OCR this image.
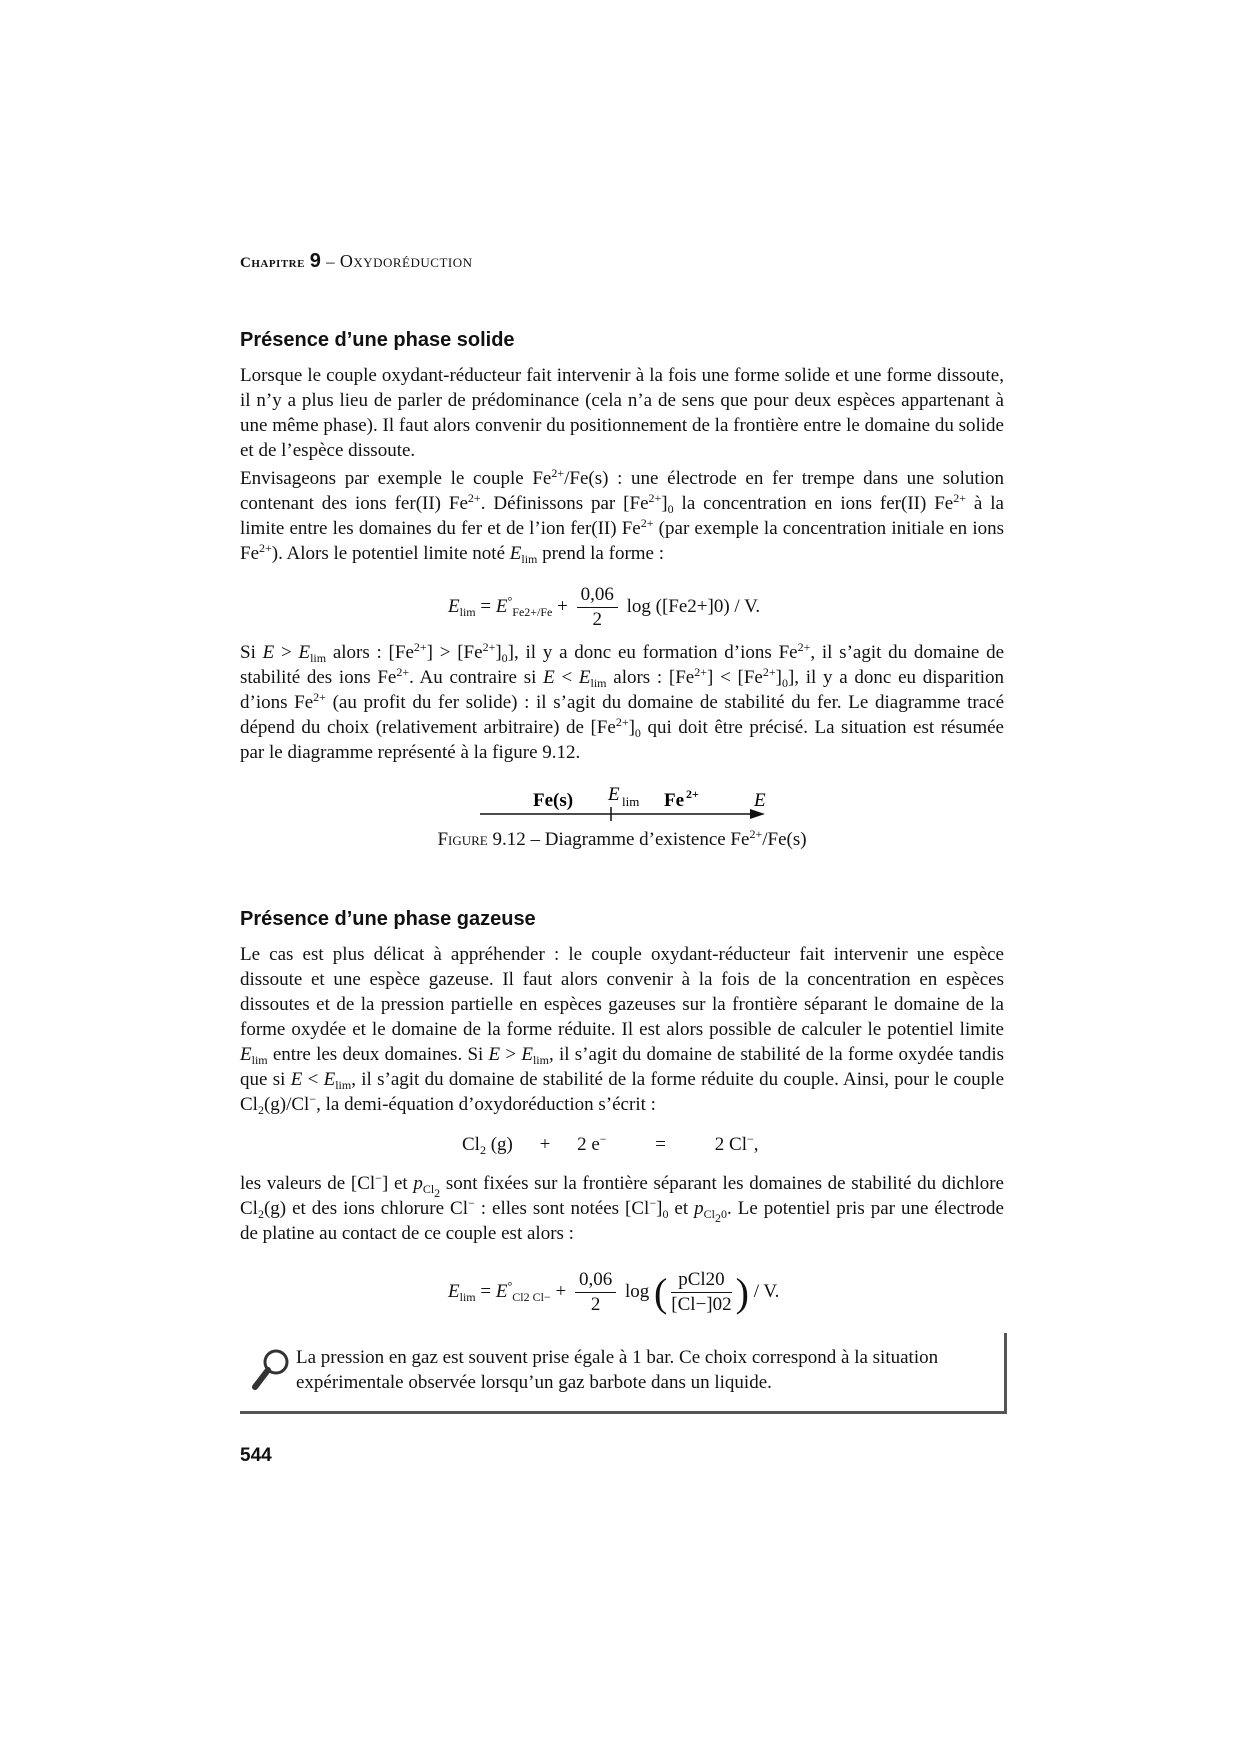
Chapitre 9 – Oxydoréduction
Présence d’une phase solide

Lorsque le couple oxydant-réducteur fait intervenir à la fois une forme solide et une forme dissoute, il n’y a plus lieu de parler de prédominance (cela n’a de sens que pour deux espèces appartenant à une même phase). Il faut alors convenir du positionnement de la frontière entre le domaine du solide et de l’espèce dissoute.

Envisageons par exemple le couple $Fe^{2+}/Fe(s)$ : une électrode en fer trempe dans une solution contenant des ions fer(II) $Fe^{2+}$. Définissons par $[Fe^{2+}]_0$ la concentration en ions fer(II) $Fe^{2+}$ à la limite entre les domaines du fer et de l’ion fer(II) $Fe^{2+}$ (par exemple la concentration initiale en ions $Fe^{2+}$). Alors le potentiel limite noté $E_{lim}$ prend la forme :

$E_{lim} = E^\circ_{Fe2+/Fe} + \frac{0,06}{2}$ log ([Fe2+]0) / V.

Si $E > E_{lim}$ alors : $[Fe^{2+}] > [Fe^{2+}]_0$], il y a donc eu formation d’ions $Fe^{2+}$, il s’agit du domaine de stabilité des ions $Fe^{2+}$. Au contraire si $E < E_{lim}$ alors : $[Fe^{2+}] < [Fe^{2+}]_0$], il y a donc eu disparition d’ions $Fe^{2+}$ (au profit du fer solide) : il s’agit du domaine de stabilité du fer. Le diagramme tracé dépend du choix (relativement arbitraire) de $[Fe^{2+}]_0$ qui doit être précisé. La situation est résumée par le diagramme représenté à la figure 9.12.

Fe(s) E lim Fe 2+	E
Figure 9.12 – Diagramme d’existence $Fe^{2+}/Fe(s)$
Présence d’une phase gazeuse

Le cas est plus délicat à appréhender : le couple oxydant-réducteur fait intervenir une espèce dissoute et une espèce gazeuse. Il faut alors convenir à la fois de la concentration en espèces dissoutes et de la pression partielle en espèces gazeuses sur la frontière séparant le domaine de la forme oxydée et le domaine de la forme réduite. Il est alors possible de calculer le potentiel limite $E_{lim}$ entre les deux domaines. Si $E > E_{lim}$, il s’agit du domaine de stabilité de la forme oxydée tandis que si $E < E_{lim}$, il s’agit du domaine de stabilité de la forme réduite du couple. Ainsi, pour le couple $Cl_2(g)/Cl^-$, la demi-équation d’oxydoréduction s’écrit :

$Cl_2$ (g) + 2 e−	=	2 Cl−,

les valeurs de [Cl−] et $p_{Cl_2}$ sont fixées sur la frontière séparant les domaines de stabilité du dichlore $Cl_2(g)$ et des ions chlorure Cl− : elles sont notées $[Cl^-]_0$ et $p_{Cl_20}$. Le potentiel pris par une électrode de platine au contact de ce couple est alors :

$E_{lim} = E^\circ_{Cl2 Cl-} + \frac{0,06}{2}$ log ( $\frac{\text{pCl20}}{[Cl-]02}$ ) / V.
La pression en gaz est souvent prise égale à 1 bar. Ce choix correspond à la situation expérimentale observée lorsqu’un gaz barbote dans un liquide.
544
